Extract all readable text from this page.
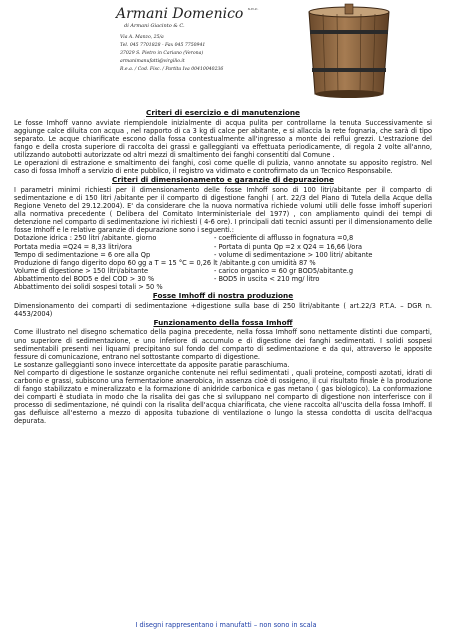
Armani Domenico $^{s.n.c.}$
di Armani Giacinto & C.
Via A. Manzo, 25/a
Tel. 045 7701828 - Fax 045 7750941
37029 S. Pietro in Cariano (Verona)
armanimanufatti@virgilio.it
R.e.a. / Cod. Fisc. / Partita Iva 00410040236
Criteri di esercizio e di manutenzione
Le fosse Imhoff vanno avviate riempiendole inizialmente di acqua pulita per controllarne la tenuta Successivamente si aggiunge calce diluita con acqua , nel rapporto di ca 3 kg di calce per abitante, e si allaccia la rete fognaria, che sarà di tipo separato. Le acque chiarificate escono dalla fossa contestualmente all'ingresso a monte dei reflui grezzi. L'estrazione del fango e della crosta superiore di raccolta dei grassi e galleggianti va effettuata periodicamente, di regola 2 volte all'anno, utilizzando autobotti autorizzate od altri mezzi di smaltimento dei fanghi consentiti dal Comune .
Le operazioni di estrazione e smaltimento dei fanghi, così come quelle di pulizia, vanno annotate su apposito registro. Nel caso di fossa Imhoff a servizio di ente pubblico, il registro va vidimato e controfirmato da un Tecnico Responsabile.
Criteri di dimensionamento e garanzie di depurazione
I parametri minimi richiesti per il dimensionamento delle fosse Imhoff sono di 100 litri/abitante per il comparto di sedimentazione e di 150 litri /abitante per il comparto di digestione fanghi ( art. 22/3 del Piano di Tutela della Acque della Regione Veneto del 29.12.2004). E' da considerare che la nuova normativa richiede volumi utili delle fosse imhoff superiori alla normativa precedente ( Delibera del Comitato Interministeriale del 1977) , con ampliamento quindi dei tempi di detenzione nel comparto di sedimentazione ivi richiesti ( 4-6 ore). I principali dati tecnici assunti per il dimensionamento delle fosse Imhoff e le relative garanzie di depurazione sono i seguenti.:
Dotazione idrica : 250 litri /abitante. giorno	- coefficiente di afflusso in fognatura =0,8
Portata media =Q24 = 8,33 litri/ora	- Portata di punta Qp =2 x Q24 = 16,66 l/ora
Tempo di sedimentazione = 6 ore alla Qp	- volume di sedimentazione > 100 litri/ abitante
Produzione di fango digerito dopo 60 gg a T = 15 °C = 0,26 lt /abitante.g con umidità 87 %
Volume di digestione > 150 litri/abitante	- carico organico = 60 gr BOD5/abitante.g
Abbattimento del BOD5 e del COD > 30 %	- BOD5 in uscita < 210 mg/ litro
Abbattimento dei solidi sospesi totali > 50 %
Fosse Imhoff di nostra produzione
Dimensionamento dei comparti di sedimentazione +digestione sulla base di 250 litri/abitante ( art.22/3 P.T.A. – DGR n. 4453/2004)
Funzionamento della fossa Imhoff
Come illustrato nel disegno schematico della pagina precedente, nella fossa Imhoff sono nettamente distinti due comparti, uno superiore di sedimentazione, e uno inferiore di accumulo e di digestione dei fanghi sedimentati. I solidi sospesi sedimentabili presenti nei liquami precipitano sul fondo del comparto di sedimentazione e da qui, attraverso le apposite fessure di comunicazione, entrano nel sottostante comparto di digestione.
Le sostanze galleggianti sono invece intercettate da apposite paratie paraschiuma.
Nel comparto di digestione le sostanze organiche contenute nei reflui sedimentati , quali proteine, composti azotati, idrati di carbonio e grassi, subiscono una fermentazione anaerobica, in assenza cioè di ossigeno, il cui risultato finale è la produzione di fango stabilizzato e mineralizzato e la formazione di anidride carbonica e gas metano ( gas biologico). La conformazione dei comparti è studiata in modo che la risalita dei gas che si sviluppano nel comparto di digestione non interferisce con il processo di sedimentazione, né quindi con la risalita dell'acqua chiarificata, che viene raccolta all'uscita della fossa Imhoff. Il gas defluisce all'esterno a mezzo di apposita tubazione di ventilazione o lungo la stessa condotta di uscita dell'acqua depurata.
I disegni rappresentano i manufatti – non sono in scala
